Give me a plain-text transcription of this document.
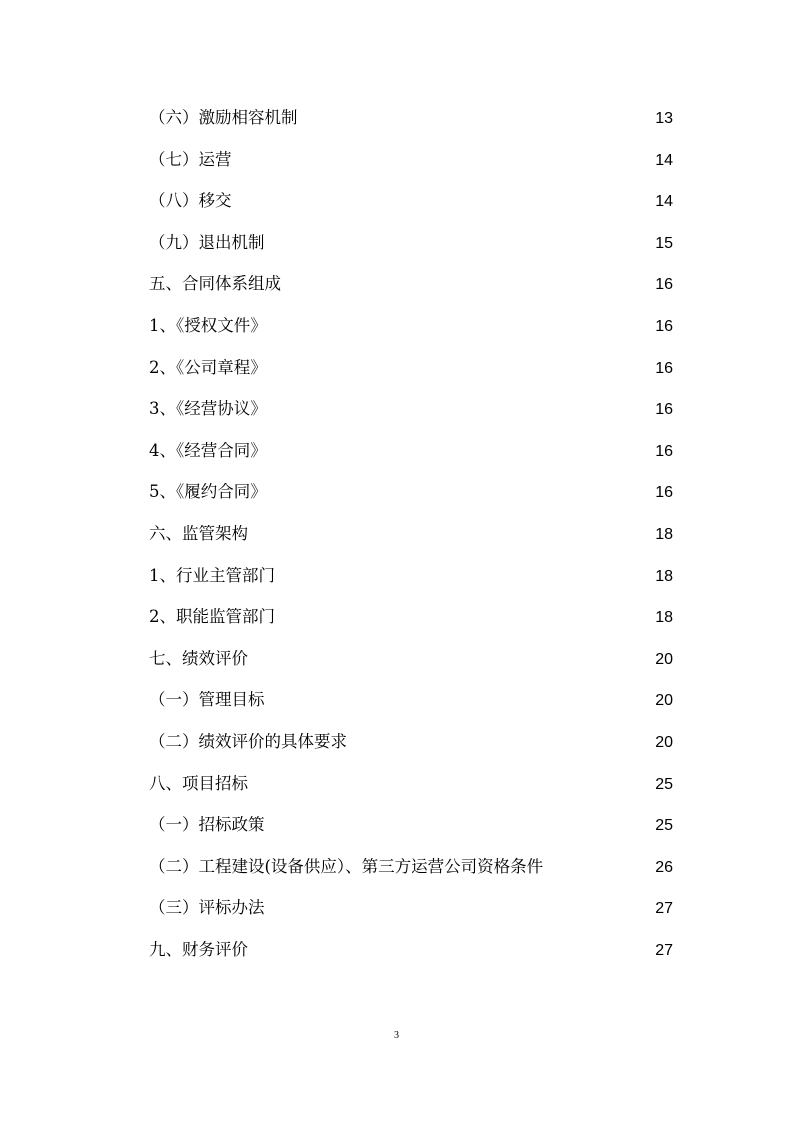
（六）激励相容机制 .....	13
（七）运营 .....	14
（八）移交 .....	14
（九）退出机制 .....	15
五、合同体系组成 .....	16
1、《授权文件》 .....	16
2、《公司章程》 .....	16
3、《经营协议》 .....	16
4、《经营合同》 .....	16
5、《履约合同》 .....	16
六、监管架构 .....	18
1、行业主管部门 .....	18
2、职能监管部门 .....	18
七、绩效评价 .....	20
（一）管理目标 .....	20
（二）绩效评价的具体要求 .....	20
八、项目招标 .....	25
（一）招标政策 .....	25
（二）工程建设(设备供应）、第三方运营公司资格条件 .....	26
（三）评标办法 .....	27
九、财务评价 .....	27
3
